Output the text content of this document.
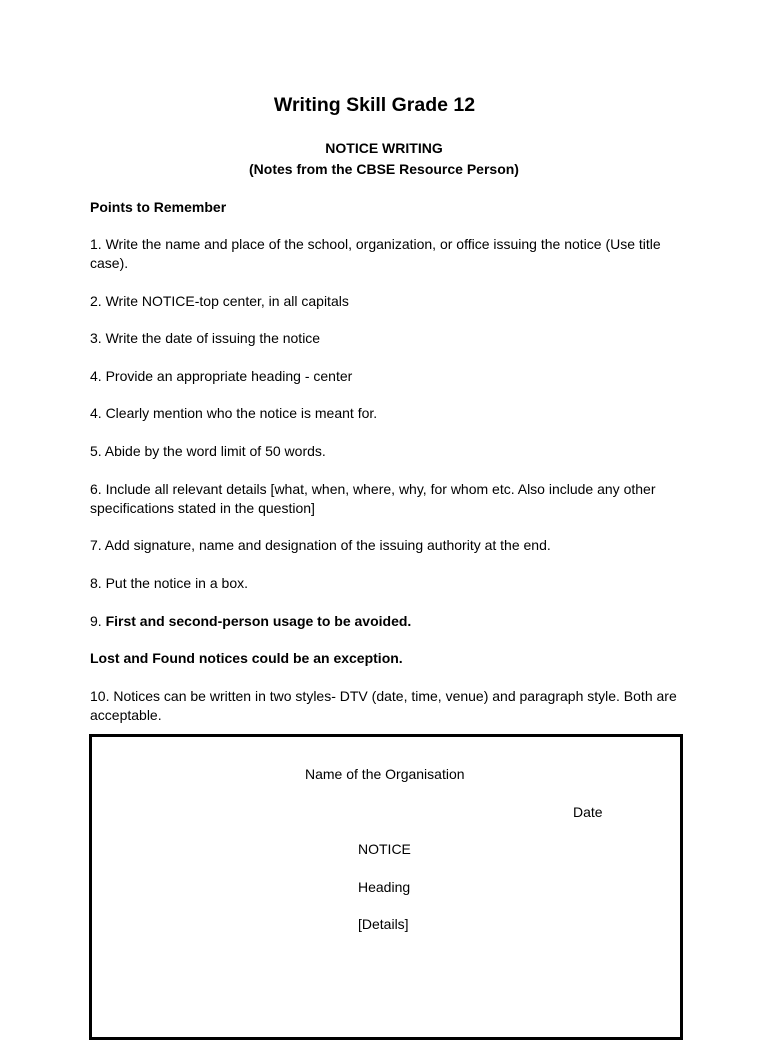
Writing Skill Grade 12
NOTICE WRITING
(Notes from the CBSE Resource Person)

Points to Remember

1. Write the name and place of the school, organization, or office issuing the notice (Use title case).

2. Write NOTICE-top center, in all capitals

3. Write the date of issuing the notice

4. Provide an appropriate heading - center

4. Clearly mention who the notice is meant for.

5. Abide by the word limit of 50 words.

6. Include all relevant details [what, when, where, why, for whom etc. Also include any other specifications stated in the question]

7. Add signature, name and designation of the issuing authority at the end.

8. Put the notice in a box.

9. First and second-person usage to be avoided.

Lost and Found notices could be an exception.

10. Notices can be written in two styles- DTV (date, time, venue) and paragraph style. Both are acceptable.

Name of the Organisation
Date
NOTICE
Heading
[Details]
